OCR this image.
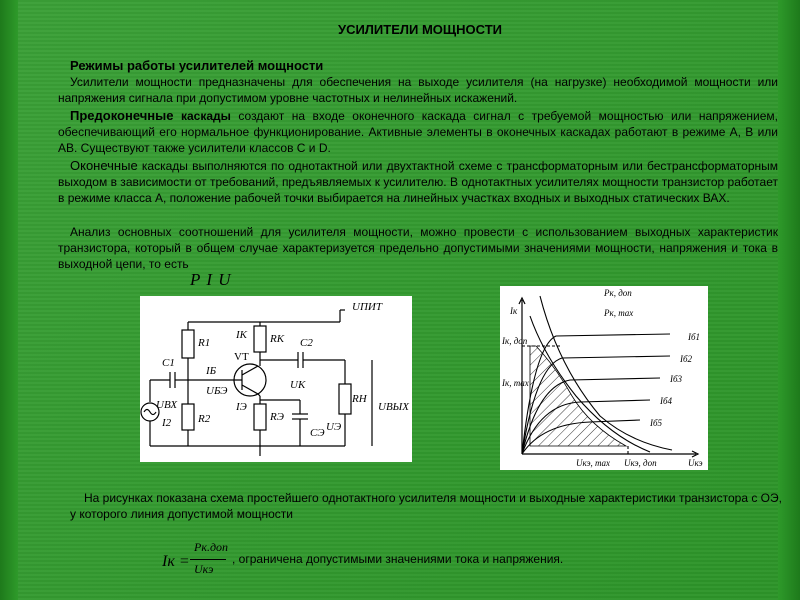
УСИЛИТЕЛИ МОЩНОСТИ
Режимы работы усилителей мощности
Усилители мощности предназначены для обеспечения на выходе усилителя (на нагрузке) необходимой мощности или напряжения сигнала при допустимом уровне частотных и нелинейных искажений.
Предоконечные каскады создают на входе оконечного каскада сигнал с требуемой мощностью или напряжением, обеспечивающий его нормальное функционирование. Активные элементы в оконечных каскадах работают в режиме А, В или АВ. Существуют также усилители классов С и D.
Оконечные каскады выполняются по однотактной или двухтактной схеме с трансформаторным или бестрансформаторным выходом в зависимости от требований, предъявляемых к усилителю. В однотактных усилителях мощности транзистор работает в режиме класса А, положение рабочей точки выбирается на линейных участках входных и выходных статических ВАХ.
Анализ основных соотношений для усилителя мощности, можно провести с использованием выходных характеристик транзистора, который в общем случае характеризуется предельно допустимыми значениями мощности, напряжения и тока в выходной цепи, то есть
P I U
R1
R2
RК
RЭ
RН
C1
C2
CЭ
VT
UПИТ
UК
UБЭ
UЭ
UВЫХ
UВХ
IК
IЭ
IБ
I2
Iк
Iк, доп
Iк, max
Pк, доп
Pк, max
Iб1
Iб2
Iб3
Iб4
Iб5
Uкэ, max Uкэ, доп	Uкэ
На рисунках показана схема простейшего однотактного усилителя мощности и выходные характеристики транзистора с ОЭ, у которого линия допустимой мощности
Iк =
Pк.доп
Uкэ
, ограничена допустимыми значениями тока и напряжения.
